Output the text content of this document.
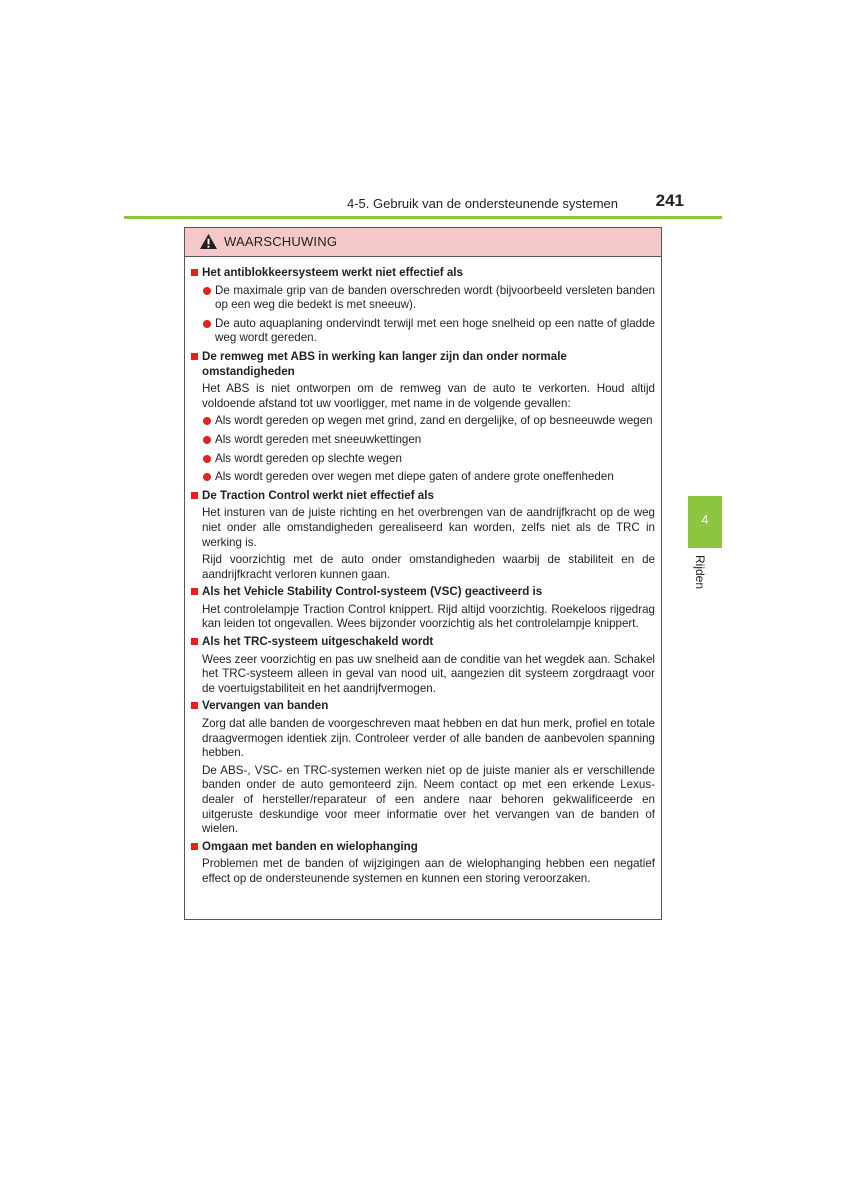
4-5. Gebruik van de ondersteunende systemen 241
4
Rijden
WAARSCHUWING
Het antiblokkeersysteem werkt niet effectief als
De maximale grip van de banden overschreden wordt (bijvoorbeeld versleten banden op een weg die bedekt is met sneeuw).
De auto aquaplaning ondervindt terwijl met een hoge snelheid op een natte of gladde weg wordt gereden.
De remweg met ABS in werking kan langer zijn dan onder normale omstandigheden
Het ABS is niet ontworpen om de remweg van de auto te verkorten. Houd altijd voldoende afstand tot uw voorligger, met name in de volgende gevallen:
Als wordt gereden op wegen met grind, zand en dergelijke, of op besneeuwde wegen
Als wordt gereden met sneeuwkettingen
Als wordt gereden op slechte wegen
Als wordt gereden over wegen met diepe gaten of andere grote oneffenheden
De Traction Control werkt niet effectief als
Het insturen van de juiste richting en het overbrengen van de aandrijfkracht op de weg niet onder alle omstandigheden gerealiseerd kan worden, zelfs niet als de TRC in werking is.
Rijd voorzichtig met de auto onder omstandigheden waarbij de stabiliteit en de aandrijfkracht verloren kunnen gaan.
Als het Vehicle Stability Control-systeem (VSC) geactiveerd is
Het controlelampje Traction Control knippert. Rijd altijd voorzichtig. Roekeloos rijgedrag kan leiden tot ongevallen. Wees bijzonder voorzichtig als het controlelampje knippert.
Als het TRC-systeem uitgeschakeld wordt
Wees zeer voorzichtig en pas uw snelheid aan de conditie van het wegdek aan. Schakel het TRC-systeem alleen in geval van nood uit, aangezien dit systeem zorgdraagt voor de voertuigstabiliteit en het aandrijfvermogen.
Vervangen van banden
Zorg dat alle banden de voorgeschreven maat hebben en dat hun merk, profiel en totale draagvermogen identiek zijn. Controleer verder of alle banden de aanbevolen spanning hebben.
De ABS-, VSC- en TRC-systemen werken niet op de juiste manier als er verschillende banden onder de auto gemonteerd zijn. Neem contact op met een erkende Lexus-dealer of hersteller/reparateur of een andere naar behoren gekwalificeerde en uitgeruste deskundige voor meer informatie over het vervangen van de banden of wielen.
Omgaan met banden en wielophanging
Problemen met de banden of wijzigingen aan de wielophanging hebben een negatief effect op de ondersteunende systemen en kunnen een storing veroorzaken.
